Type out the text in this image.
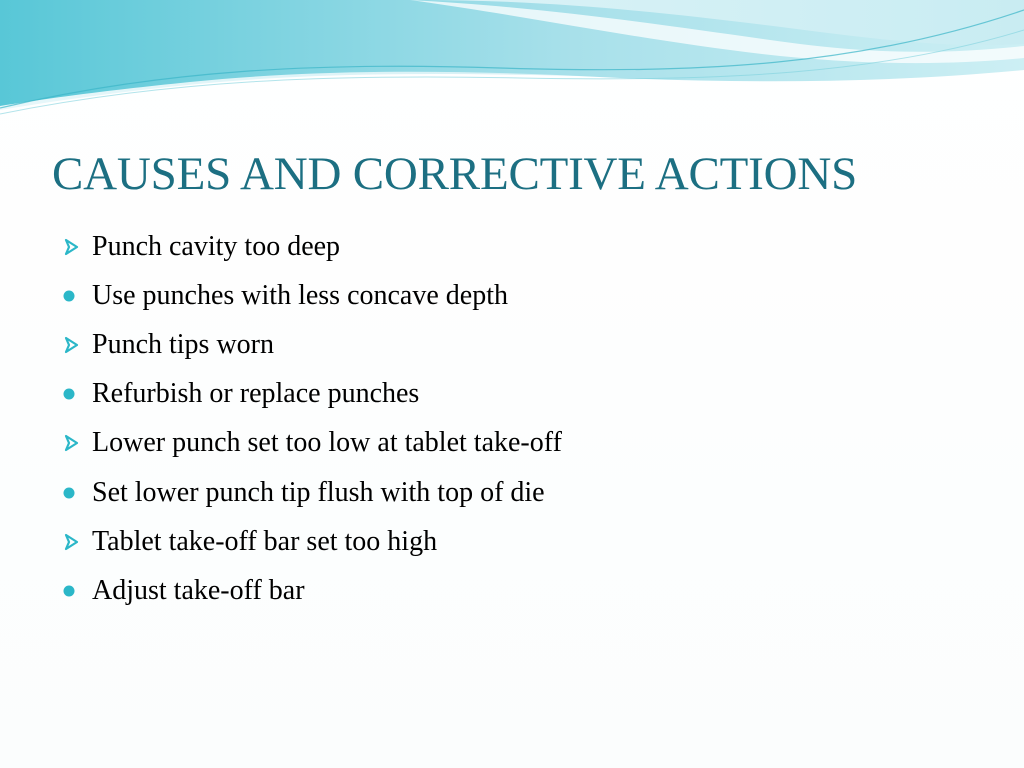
CAUSES AND CORRECTIVE ACTIONS
Punch cavity too deep
Use punches with less concave depth
Punch tips worn
Refurbish or replace punches
Lower punch set too low at tablet take-off
Set lower punch tip flush with top of die
Tablet take-off bar set too high
Adjust take-off bar
